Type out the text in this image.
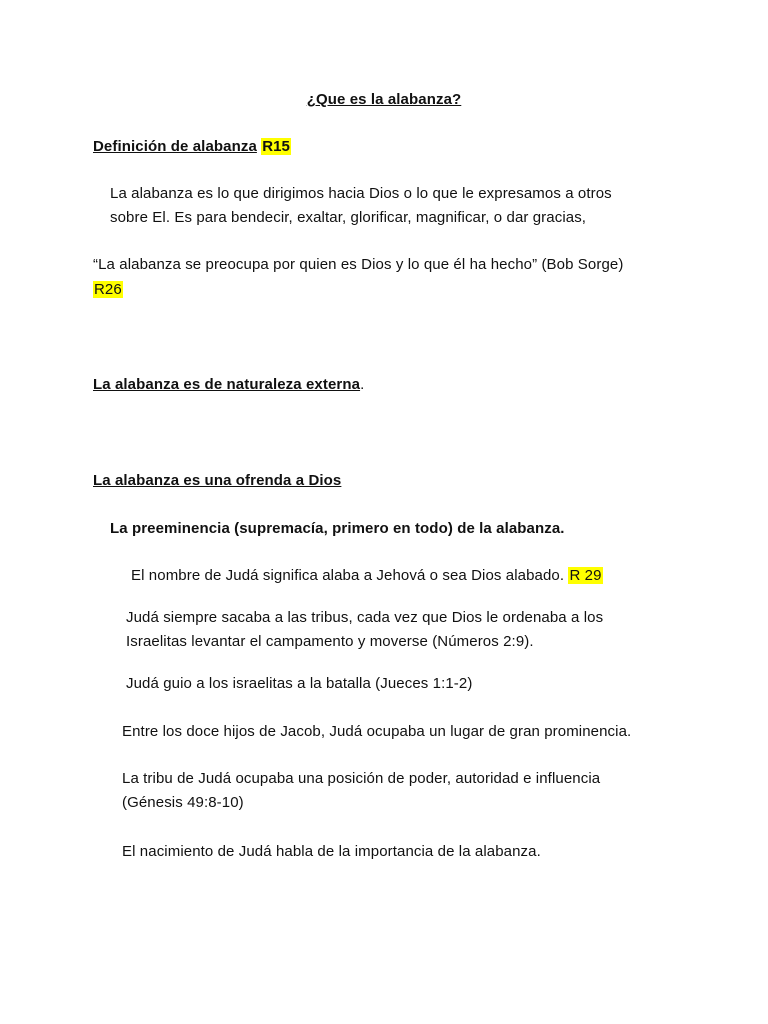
¿Que es la alabanza?
Definición de alabanza R15
La alabanza es lo que dirigimos hacia Dios o lo que le expresamos a otros
sobre El. Es para bendecir, exaltar, glorificar, magnificar, o dar gracias,
“La alabanza se preocupa por quien es Dios y lo que él ha hecho” (Bob Sorge)
R26
La alabanza es de naturaleza externa.
La alabanza es una ofrenda a Dios
La preeminencia (supremacía, primero en todo) de la alabanza.
El nombre de Judá significa alaba a Jehová o sea Dios alabado. R 29
Judá siempre sacaba a las tribus, cada vez que Dios le ordenaba a los
Israelitas levantar el campamento y moverse (Números 2:9).
Judá guio a los israelitas a la batalla (Jueces 1:1-2)
Entre los doce hijos de Jacob, Judá ocupaba un lugar de gran prominencia.
La tribu de Judá ocupaba una posición de poder, autoridad e influencia
(Génesis 49:8-10)
El nacimiento de Judá habla de la importancia de la alabanza.
